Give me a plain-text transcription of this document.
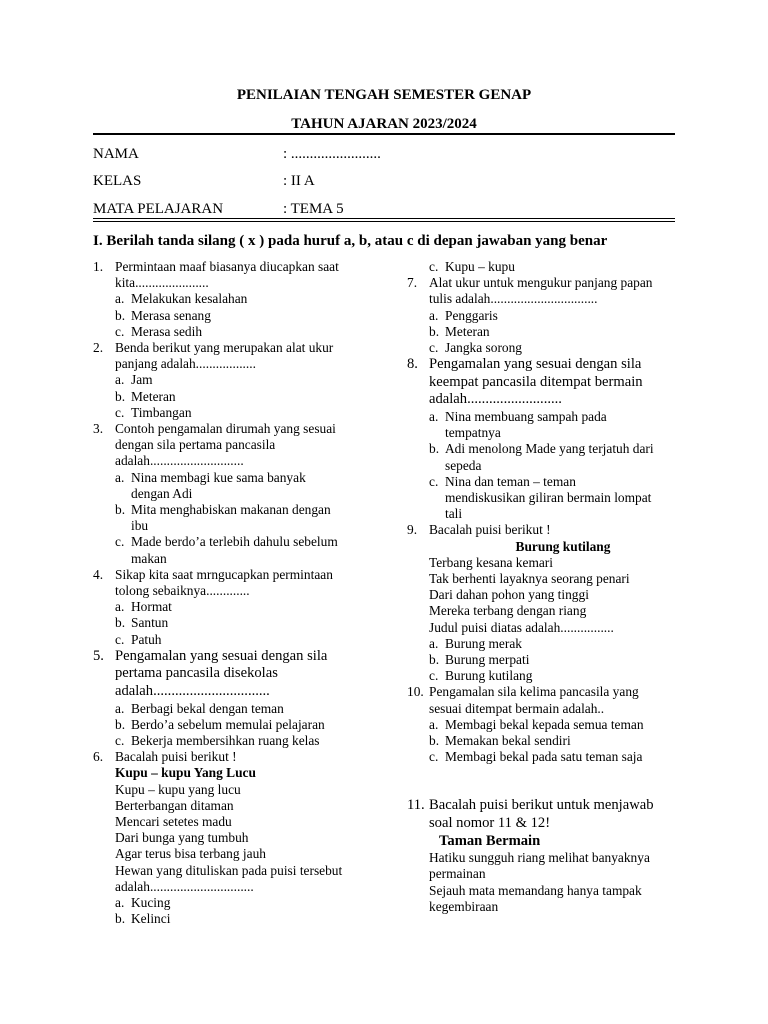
PENILAIAN TENGAH SEMESTER GENAP
TAHUN AJARAN 2023/2024
NAMA	: ........................
KELAS	: II A
MATA PELAJARAN	: TEMA 5
I. Berilah tanda silang ( x ) pada huruf a, b, atau c di depan jawaban yang benar
1. Permintaan maaf biasanya diucapkan saat
kita......................
a. Melakukan kesalahan
b. Merasa senang
c. Merasa sedih
2. Benda berikut yang merupakan alat ukur
panjang adalah..................
a. Jam
b. Meteran
c. Timbangan
3. Contoh pengamalan dirumah yang sesuai
dengan sila pertama pancasila
adalah............................
a. Nina membagi kue sama banyak
dengan Adi
b. Mita menghabiskan makanan dengan
ibu
c. Made berdo’a terlebih dahulu sebelum
makan
4. Sikap kita saat mrngucapkan permintaan
tolong sebaiknya.............
a. Hormat
b. Santun
c. Patuh
5. Pengamalan yang sesuai dengan sila
pertama pancasila disekolas
adalah................................
a. Berbagi bekal dengan teman
b. Berdo’a sebelum memulai pelajaran
c. Bekerja membersihkan ruang kelas
6. Bacalah puisi berikut !
Kupu – kupu Yang Lucu
Kupu – kupu yang lucu
Berterbangan ditaman
Mencari setetes madu
Dari bunga yang tumbuh
Agar terus bisa terbang jauh
Hewan yang dituliskan pada puisi tersebut
adalah...............................
a. Kucing
b. Kelinci
c. Kupu – kupu
7. Alat ukur untuk mengukur panjang papan
tulis adalah................................
a. Penggaris
b. Meteran
c. Jangka sorong
8. Pengamalan yang sesuai dengan sila
keempat pancasila ditempat bermain
adalah..........................
a. Nina membuang sampah pada
tempatnya
b. Adi menolong Made yang terjatuh dari
sepeda
c. Nina dan teman – teman
mendiskusikan giliran bermain lompat
tali
9. Bacalah puisi berikut !
Burung kutilang
Terbang kesana kemari
Tak berhenti layaknya seorang penari
Dari dahan pohon yang tinggi
Mereka terbang dengan riang
Judul puisi diatas adalah................
a. Burung merak
b. Burung merpati
c. Burung kutilang
10. Pengamalan sila kelima pancasila yang
sesuai ditempat bermain adalah..
a. Membagi bekal kepada semua teman
b. Memakan bekal sendiri
c. Membagi bekal pada satu teman saja
11. Bacalah puisi berikut untuk menjawab
soal nomor 11 & 12!
Taman Bermain
Hatiku sungguh riang melihat banyaknya
permainan
Sejauh mata memandang hanya tampak
kegembiraan
